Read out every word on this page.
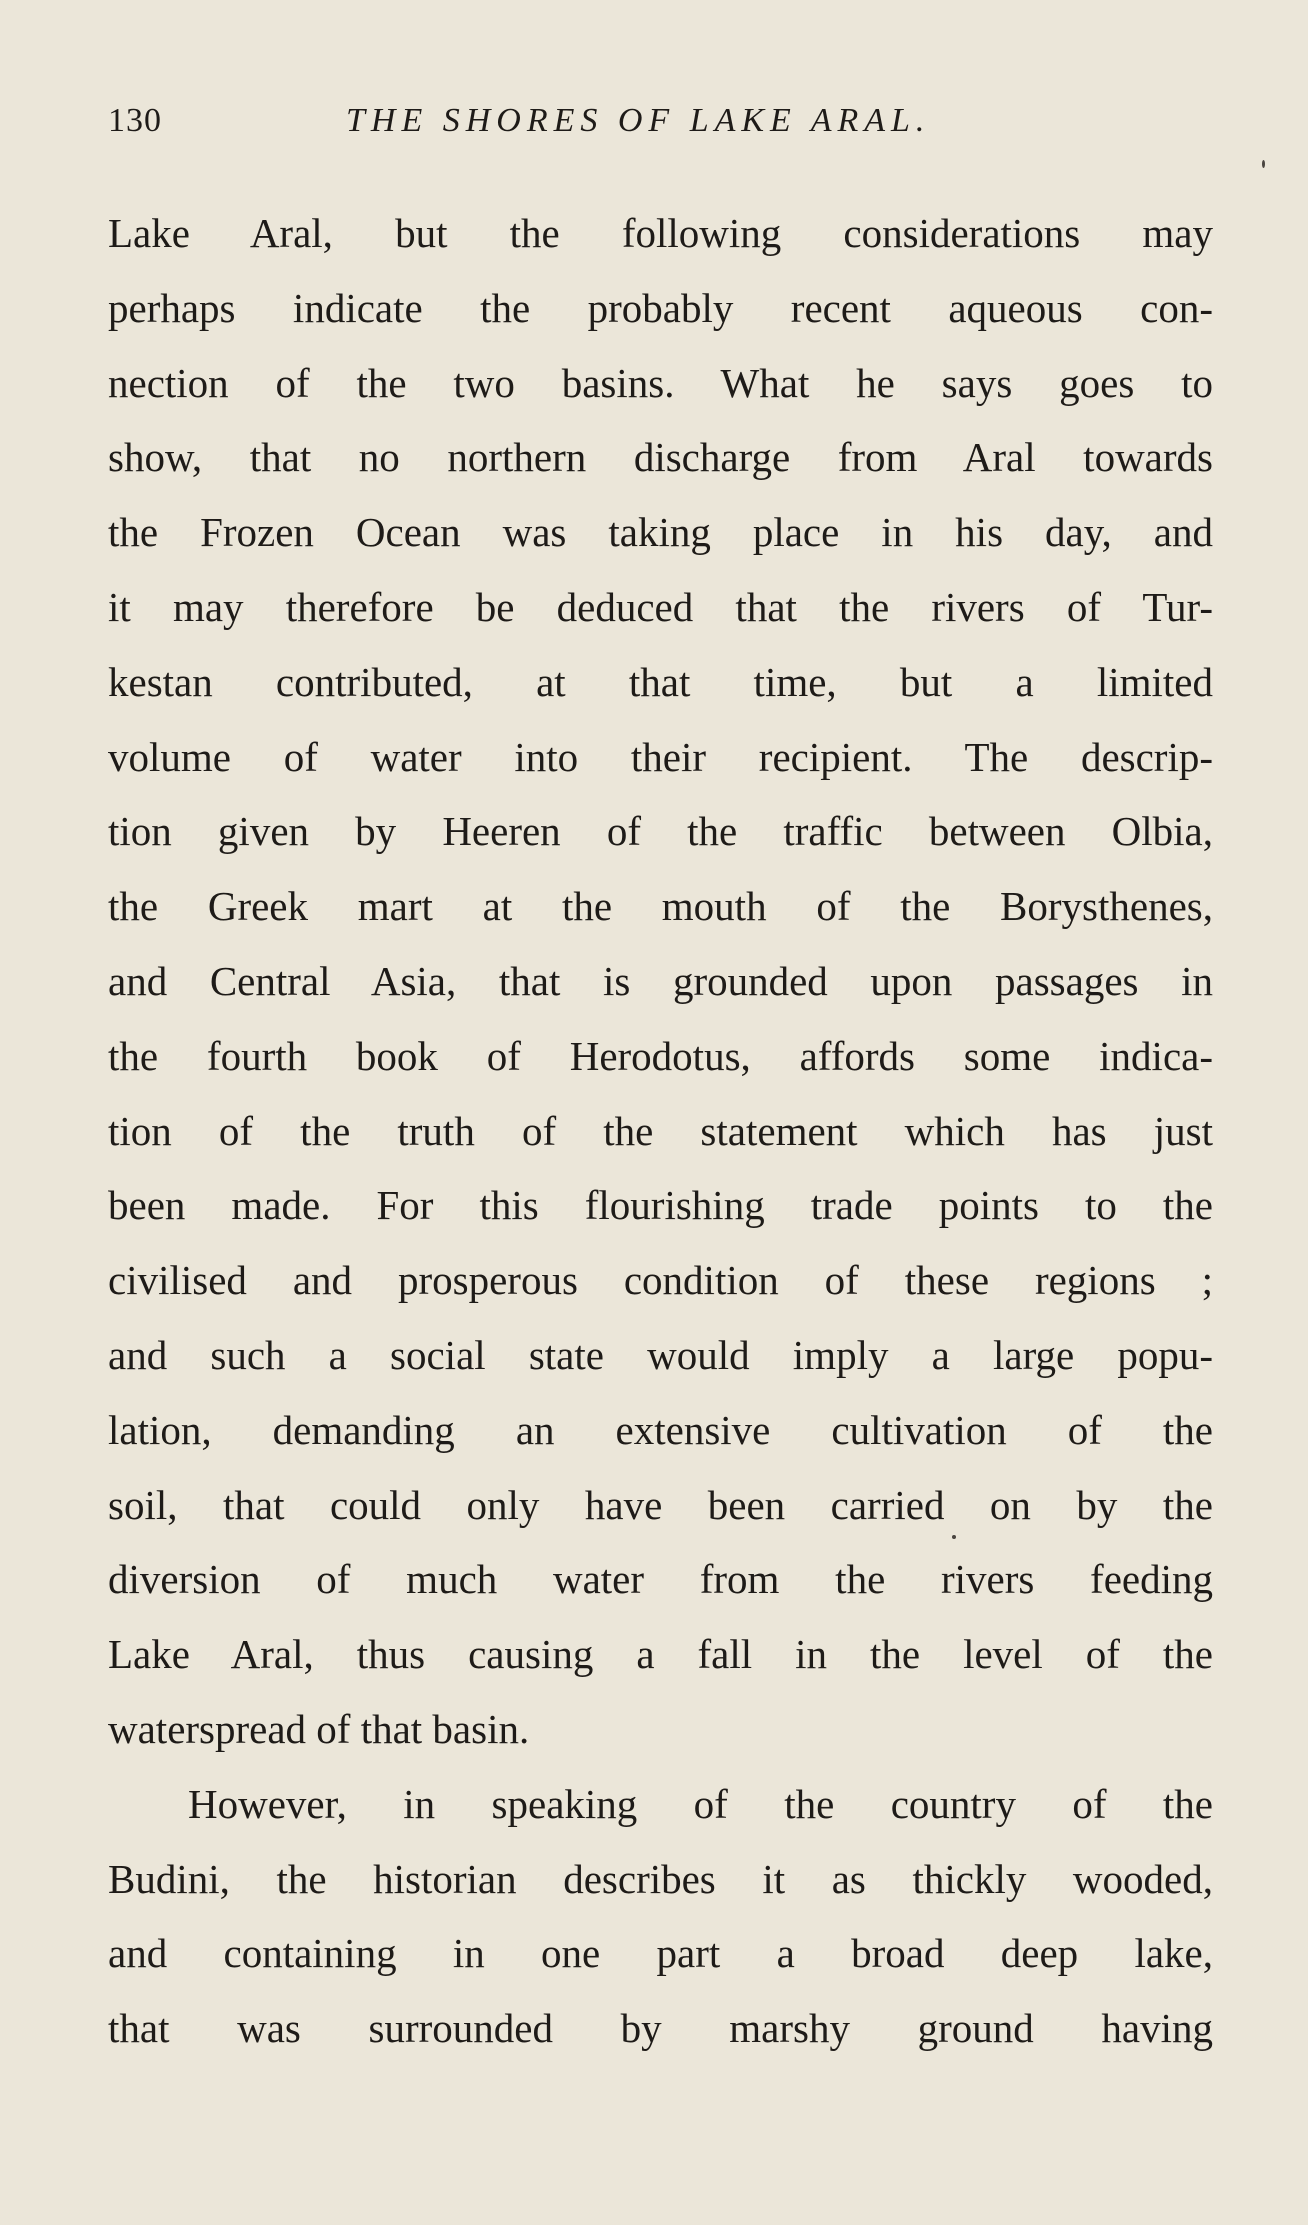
130	THE SHORES OF LAKE ARAL.
Lake Aral, but the following considerations may
perhaps indicate the probably recent aqueous con-
nection of the two basins. What he says goes to
show, that no northern discharge from Aral towards
the Frozen Ocean was taking place in his day, and
it may therefore be deduced that the rivers of Tur-
kestan contributed, at that time, but a limited
volume of water into their recipient. The descrip-
tion given by Heeren of the traffic between Olbia,
the Greek mart at the mouth of the Borysthenes,
and Central Asia, that is grounded upon passages in
the fourth book of Herodotus, affords some indica-
tion of the truth of the statement which has just
been made. For this flourishing trade points to the
civilised and prosperous condition of these regions ;
and such a social state would imply a large popu-
lation, demanding an extensive cultivation of the
soil, that could only have been carried on by the
diversion of much water from the rivers feeding
Lake Aral, thus causing a fall in the level of the
waterspread of that basin.
However, in speaking of the country of the
Budini, the historian describes it as thickly wooded,
and containing in one part a broad deep lake,
that was surrounded by marshy ground having
